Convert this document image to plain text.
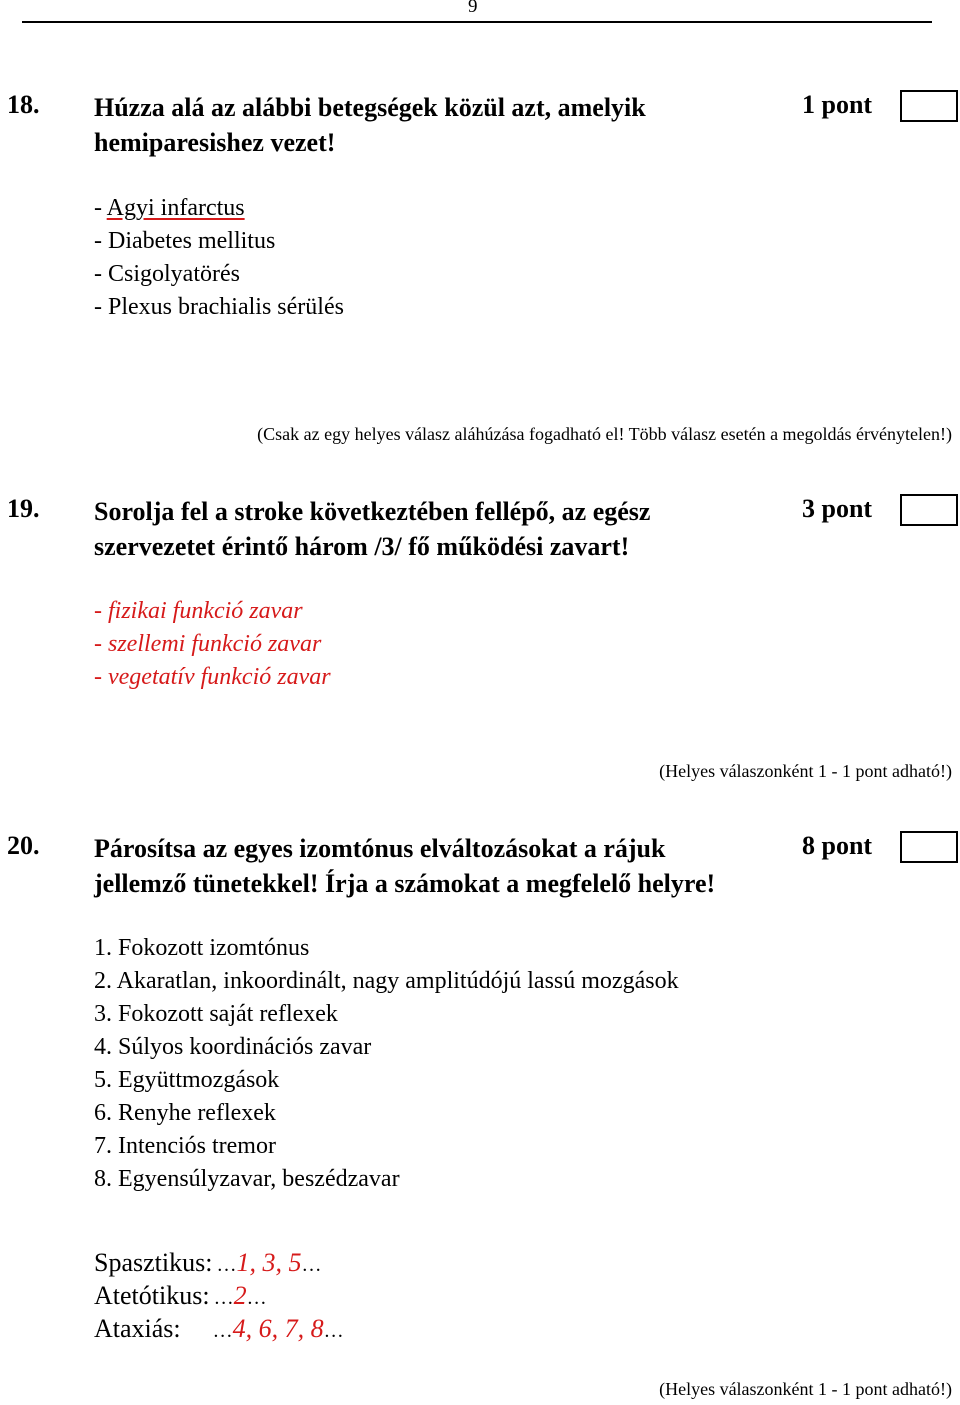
9
18. Húzza alá az alábbi betegségek közül azt, amelyik
hemiparesishez vezet!
1 pont
- Agyi infarctus
- Diabetes mellitus
- Csigolyatörés
- Plexus brachialis sérülés
(Csak az egy helyes válasz aláhúzása fogadható el! Több válasz esetén a megoldás érvénytelen!)
19. Sorolja fel a stroke következtében fellépő, az egész
szervezetet érintő három /3/ fő működési zavart!
3 pont
- fizikai funkció zavar
- szellemi funkció zavar
- vegetatív funkció zavar
(Helyes válaszonként 1 - 1 pont adható!)
20. Párosítsa az egyes izomtónus elváltozásokat a rájuk
jellemző tünetekkel! Írja a számokat a megfelelő helyre!
8 pont
1. Fokozott izomtónus
2. Akaratlan, inkoordinált, nagy amplitúdójú lassú mozgások
3. Fokozott saját reflexek
4. Súlyos koordinációs zavar
5. Együttmozgások
6. Renyhe reflexek
7. Intenciós tremor
8. Egyensúlyzavar, beszédzavar
Spasztikus: …1, 3, 5…
Atetótikus: …2…
Ataxiás: …4, 6, 7, 8…
(Helyes válaszonként 1 - 1 pont adható!)
